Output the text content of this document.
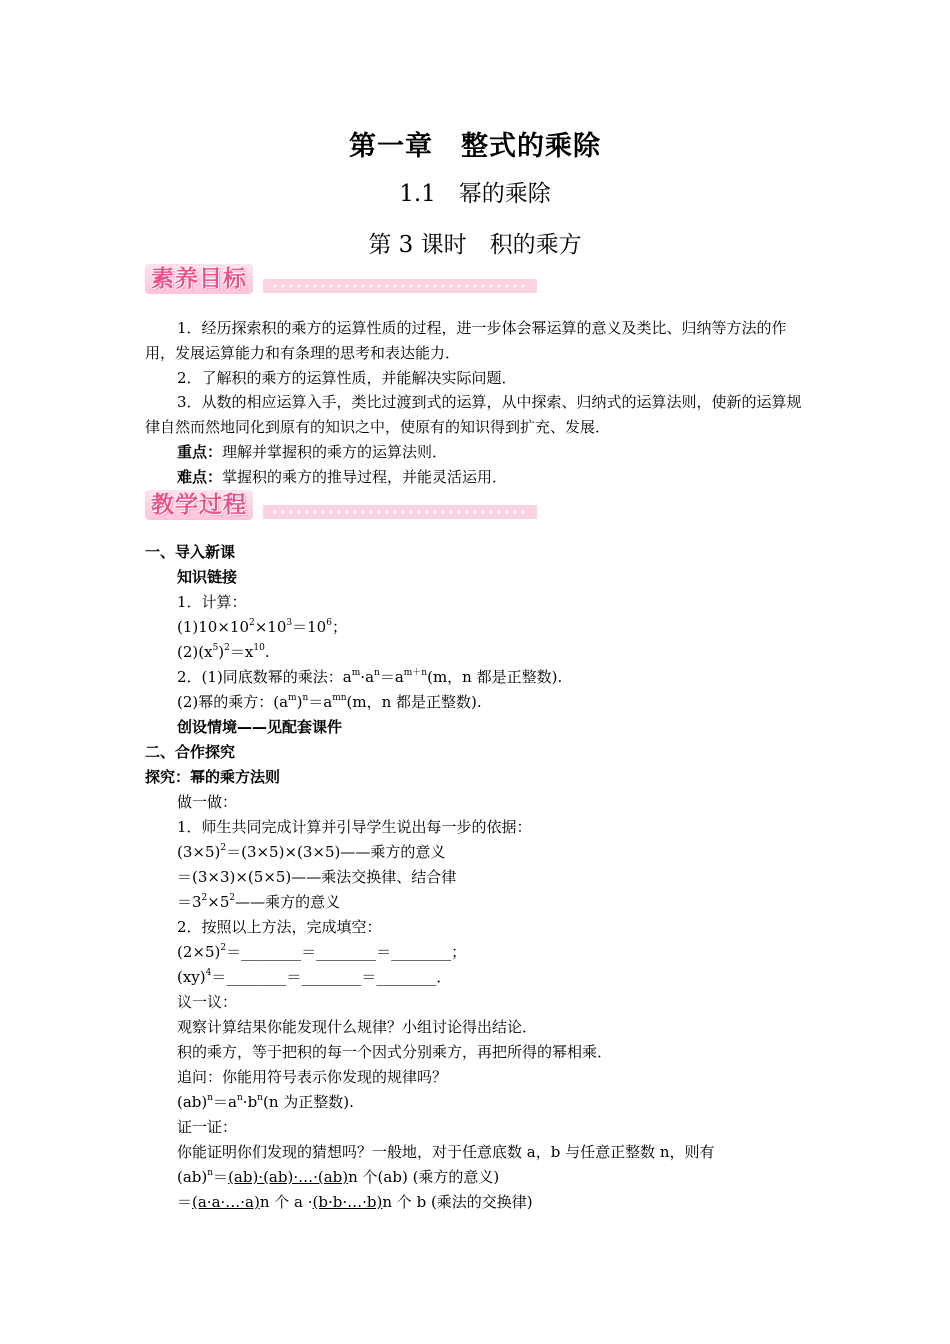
第一章　整式的乘除
1.1　幂的乘除
第 3 课时　积的乘方
素养目标
1．经历探索积的乘方的运算性质的过程，进一步体会幂运算的意义及类比、归纳等方法的作用，发展运算能力和有条理的思考和表达能力．
2．了解积的乘方的运算性质，并能解决实际问题．
3．从数的相应运算入手，类比过渡到式的运算，从中探索、归纳式的运算法则，使新的运算规律自然而然地同化到原有的知识之中，使原有的知识得到扩充、发展．
重点：理解并掌握积的乘方的运算法则．
难点：掌握积的乘方的推导过程，并能灵活运用．
教学过程
一、导入新课
知识链接
1．计算：
$(1)10\times 10^2\times 10^3=10^6$；
$(2)(x^5)^2=x^{10}$.
2．(1)同底数幂的乘法：$a^m\cdot a^n=a^{m+n}(m$，n 都是正整数).
(2)幂的乘方：$(a^m)^n=a^{mn}(m$，n 都是正整数).
创设情境——见配套课件
二、合作探究
探究：幂的乘方法则
做一做：
1．师生共同完成计算并引导学生说出每一步的依据：
$(3\times 5)^2=(3\times 5)\times(3\times 5)——$乘方的意义
＝(3×3)×(5×5)——乘法交换律、结合律
$=3^2\times 5^2——$乘方的意义
2．按照以上方法，完成填空：
$(2\times 5)^2=\_\_\_\_\_\_\_\_=\_\_\_\_\_\_\_\_=\_\_\_\_\_\_\_\_$；
(xy)$^4$＝________＝________＝________．
议一议：
观察计算结果你能发现什么规律？小组讨论得出结论．
积的乘方，等于把积的每一个因式分别乘方，再把所得的幂相乘．
追问：你能用符号表示你发现的规律吗？
$(ab)^n=a^n\cdot b^n(n$ 为正整数).
证一证：
你能证明你们发现的猜想吗？一般地，对于任意底数 a，b 与任意正整数 n，则有
(ab)$^n$＝(ab)·(ab)·…·(ab)n 个(ab) (乘方的意义)
＝(a·a·…·a)n 个 a ·(b·b·…·b)n 个 b (乘法的交换律)
